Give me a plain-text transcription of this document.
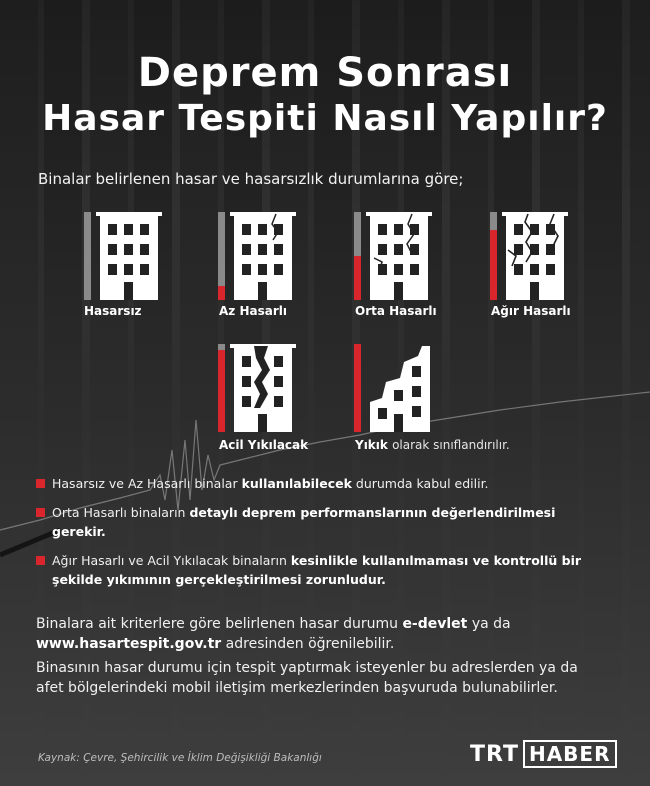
Deprem Sonrası
Hasar Tespiti Nasıl Yapılır?
Binalar belirlenen hasar ve hasarsızlık durumlarına göre;
Hasarsız	Az Hasarlı	Orta Hasarlı	Ağır Hasarlı
Acil Yıkılacak	Yıkık olarak sınıflandırılır.
Hasarsız ve Az Hasarlı binalar kullanılabilecek durumda kabul edilir.
Orta Hasarlı binaların detaylı deprem performanslarının değerlendirilmesi gerekir.
Ağır Hasarlı ve Acil Yıkılacak binaların kesinlikle kullanılmaması ve kontrollü bir şekilde yıkımının gerçekleştirilmesi zorunludur.
Binalara ait kriterlere göre belirlenen hasar durumu e-devlet ya da www.hasartespit.gov.tr adresinden öğrenilebilir.
Binasının hasar durumu için tespit yaptırmak isteyenler bu adreslerden ya da afet bölgelerindeki mobil iletişim merkezlerinden başvuruda bulunabilirler.
Kaynak: Çevre, Şehircilik ve İklim Değişikliği Bakanlığı	TRT HABER
